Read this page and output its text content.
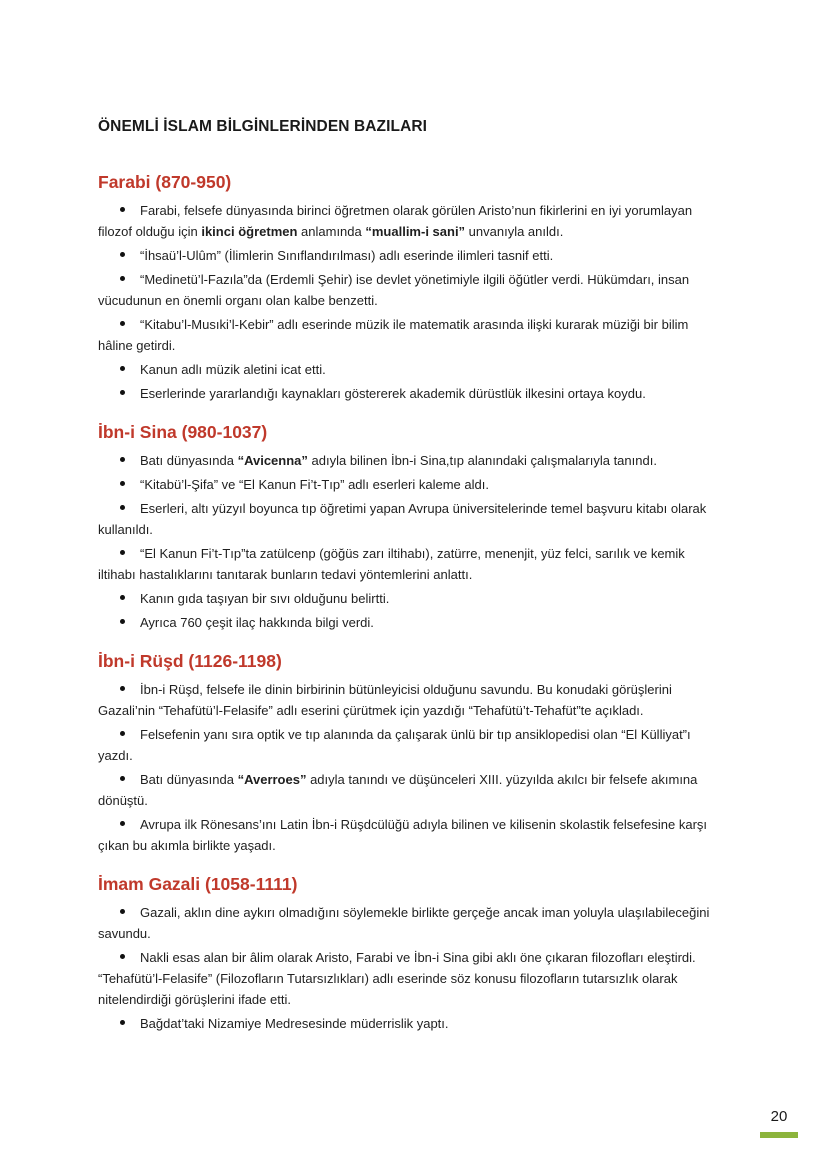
ÖNEMLİ İSLAM BİLGİNLERİNDEN BAZILARI
Farabi (870-950)
Farabi, felsefe dünyasında birinci öğretmen olarak görülen Aristo’nun fikirlerini en iyi yorumlayan filozof olduğu için ikinci öğretmen anlamında “muallim-i sani” unvanıyla anıldı.
“İhsaü’l-Ulûm” (İlimlerin Sınıflandırılması) adlı eserinde ilimleri tasnif etti.
“Medinetü’l-Fazıla”da (Erdemli Şehir) ise devlet yönetimiyle ilgili öğütler verdi. Hükümdarı, insan vücudunun en önemli organı olan kalbe benzetti.
“Kitabu’l-Musıki’l-Kebir” adlı eserinde müzik ile matematik arasında ilişki kurarak müziği bir bilim hâline getirdi.
Kanun adlı müzik aletini icat etti.
Eserlerinde yararlandığı kaynakları göstererek akademik dürüstlük ilkesini ortaya koydu.
İbn-i Sina (980-1037)
Batı dünyasında “Avicenna” adıyla bilinen İbn-i Sina,tıp alanındaki çalışmalarıyla tanındı.
“Kitabü’l-Şifa” ve “El Kanun Fi’t-Tıp” adlı eserleri kaleme aldı.
Eserleri, altı yüzyıl boyunca tıp öğretimi yapan Avrupa üniversitelerinde temel başvuru kitabı olarak kullanıldı.
“El Kanun Fi’t-Tıp”ta zatülcenp (göğüs zarı iltihabı), zatürre, menenjit, yüz felci, sarılık ve kemik iltihabı hastalıklarını tanıtarak bunların tedavi yöntemlerini anlattı.
Kanın gıda taşıyan bir sıvı olduğunu belirtti.
Ayrıca 760 çeşit ilaç hakkında bilgi verdi.
İbn-i Rüşd (1126-1198)
İbn-i Rüşd, felsefe ile dinin birbirinin bütünleyicisi olduğunu savundu. Bu konudaki görüşlerini Gazali’nin “Tehafütü’l-Felasife” adlı eserini çürütmek için yazdığı “Tehafütü’t-Tehafüt”te açıkladı.
Felsefenin yanı sıra optik ve tıp alanında da çalışarak ünlü bir tıp ansiklopedisi olan “El Külliyat”ı yazdı.
Batı dünyasında “Averroes” adıyla tanındı ve düşünceleri XIII. yüzyılda akılcı bir felsefe akımına dönüştü.
Avrupa ilk Rönesans’ını Latin İbn-i Rüşdcülüğü adıyla bilinen ve kilisenin skolastik felsefesine karşı çıkan bu akımla birlikte yaşadı.
İmam Gazali (1058-1111)
Gazali, aklın dine aykırı olmadığını söylemekle birlikte gerçeğe ancak iman yoluyla ulaşılabileceğini savundu.
Nakli esas alan bir âlim olarak Aristo, Farabi ve İbn-i Sina gibi aklı öne çıkaran filozofları eleştirdi. “Tehafütü’l-Felasife” (Filozofların Tutarsızlıkları) adlı eserinde söz konusu filozofların tutarsızlık olarak nitelendirdiği görüşlerini ifade etti.
Bağdat’taki Nizamiye Medresesinde müderrislik yaptı.
20
